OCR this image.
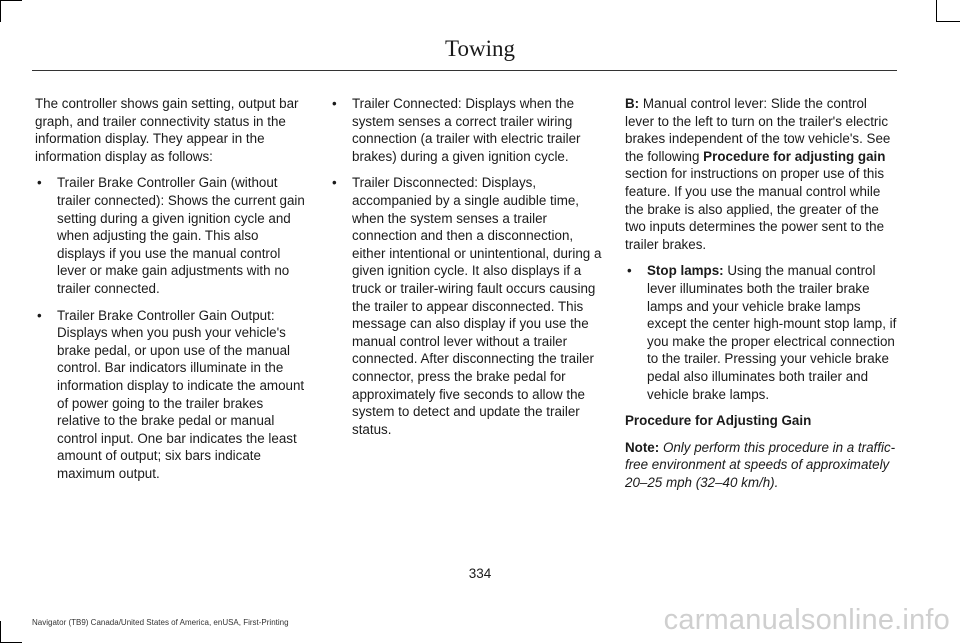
Towing

The controller shows gain setting, output bar graph, and trailer connectivity status in the information display. They appear in the information display as follows:

• Trailer Brake Controller Gain (without trailer connected): Shows the current gain setting during a given ignition cycle and when adjusting the gain. This also displays if you use the manual control lever or make gain adjustments with no trailer connected.
• Trailer Brake Controller Gain Output: Displays when you push your vehicle's brake pedal, or upon use of the manual control. Bar indicators illuminate in the information display to indicate the amount of power going to the trailer brakes relative to the brake pedal or manual control input. One bar indicates the least amount of output; six bars indicate maximum output.
• Trailer Connected: Displays when the system senses a correct trailer wiring connection (a trailer with electric trailer brakes) during a given ignition cycle.
• Trailer Disconnected: Displays, accompanied by a single audible time, when the system senses a trailer connection and then a disconnection, either intentional or unintentional, during a given ignition cycle. It also displays if a truck or trailer-wiring fault occurs causing the trailer to appear disconnected. This message can also display if you use the manual control lever without a trailer connected. After disconnecting the trailer connector, press the brake pedal for approximately five seconds to allow the system to detect and update the trailer status.

B: Manual control lever: Slide the control lever to the left to turn on the trailer's electric brakes independent of the tow vehicle's. See the following Procedure for adjusting gain section for instructions on proper use of this feature. If you use the manual control while the brake is also applied, the greater of the two inputs determines the power sent to the trailer brakes.

• Stop lamps: Using the manual control lever illuminates both the trailer brake lamps and your vehicle brake lamps except the center high-mount stop lamp, if you make the proper electrical connection to the trailer. Pressing your vehicle brake pedal also illuminates both trailer and vehicle brake lamps.

Procedure for Adjusting Gain

Note: Only perform this procedure in a traffic-free environment at speeds of approximately 20–25 mph (32–40 km/h).

334
Navigator (TB9) Canada/United States of America, enUSA, First-Printing	carmanualsonline.info
